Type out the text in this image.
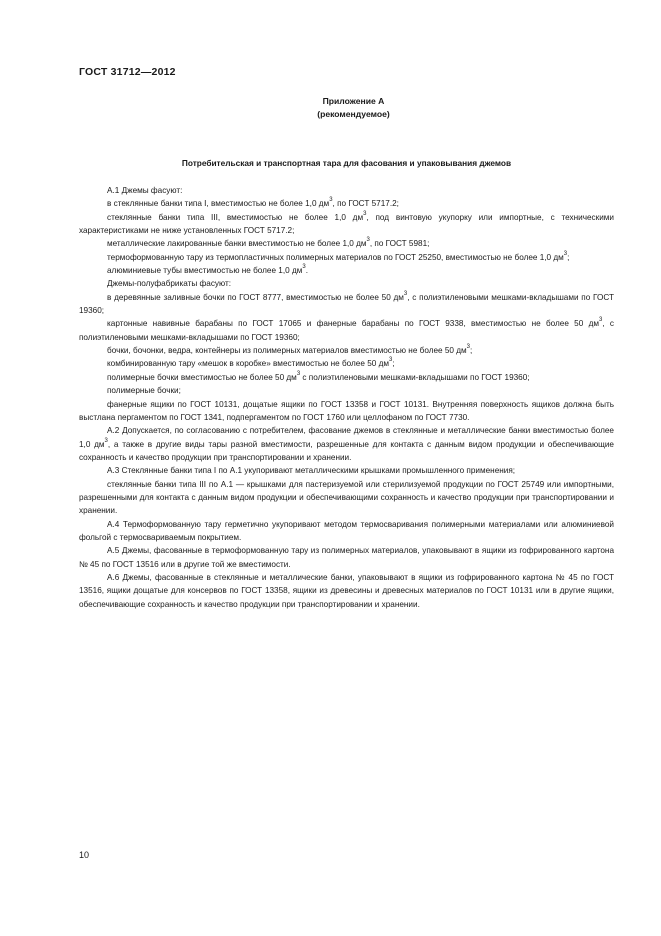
ГОСТ 31712—2012
Приложение А
(рекомендуемое)
Потребительская и транспортная тара для фасования и упаковывания джемов

А.1 Джемы фасуют:

в стеклянные банки типа I, вместимостью не более 1,0 $дм^3$, по ГОСТ 5717.2;

стеклянные банки типа III, вместимостью не более 1,0 $дм^3$, под винтовую укупорку или импортные, с техническими характеристиками не ниже установленных ГОСТ 5717.2;

металлические лакированные банки вместимостью не более 1,0 $дм^3$, по ГОСТ 5981;

термоформованную тару из термопластичных полимерных материалов по ГОСТ 25250, вместимостью не более 1,0 $дм^3$;

алюминиевые тубы вместимостью не более 1,0 $дм^3$.

Джемы-полуфабрикаты фасуют:

в деревянные заливные бочки по ГОСТ 8777, вместимостью не более 50 $дм^3$, с полиэтиленовыми мешками-вкладышами по ГОСТ 19360;

картонные навивные барабаны по ГОСТ 17065 и фанерные барабаны по ГОСТ 9338, вместимостью не более 50 $дм^3$, с полиэтиленовыми мешками-вкладышами по ГОСТ 19360;

бочки, бочонки, ведра, контейнеры из полимерных материалов вместимостью не более 50 $дм^3$;

комбинированную тару «мешок в коробке» вместимостью не более 50 $дм^3$;

полимерные бочки вместимостью не более 50 $дм^3$ с полиэтиленовыми мешками-вкладышами по ГОСТ 19360;

полимерные бочки;

фанерные ящики по ГОСТ 10131, дощатые ящики по ГОСТ 13358 и ГОСТ 10131. Внутренняя поверхность ящиков должна быть выстлана пергаментом по ГОСТ 1341, подпергаментом по ГОСТ 1760 или целлофаном по ГОСТ 7730.

А.2 Допускается, по согласованию с потребителем, фасование джемов в стеклянные и металлические банки вместимостью более 1,0 $дм^3$, а также в другие виды тары разной вместимости, разрешенные для контакта с данным видом продукции и обеспечивающие сохранность и качество продукции при транспортировании и хранении.

А.3 Стеклянные банки типа I по А.1 укупоривают металлическими крышками промышленного применения;

стеклянные банки типа III по А.1 — крышками для пастеризуемой или стерилизуемой продукции по ГОСТ 25749 или импортными, разрешенными для контакта с данным видом продукции и обеспечивающими сохранность и качество продукции при транспортировании и хранении.

А.4 Термоформованную тару герметично укупоривают методом термосваривания полимерными материалами или алюминиевой фольгой с термосвариваемым покрытием.

А.5 Джемы, фасованные в термоформованную тару из полимерных материалов, упаковывают в ящики из гофрированного картона № 45 по ГОСТ 13516 или в другие той же вместимости.

А.6 Джемы, фасованные в стеклянные и металлические банки, упаковывают в ящики из гофрированного картона № 45 по ГОСТ 13516, ящики дощатые для консервов по ГОСТ 13358, ящики из древесины и древесных материалов по ГОСТ 10131 или в другие ящики, обеспечивающие сохранность и качество продукции при транспортировании и хранении.

10
